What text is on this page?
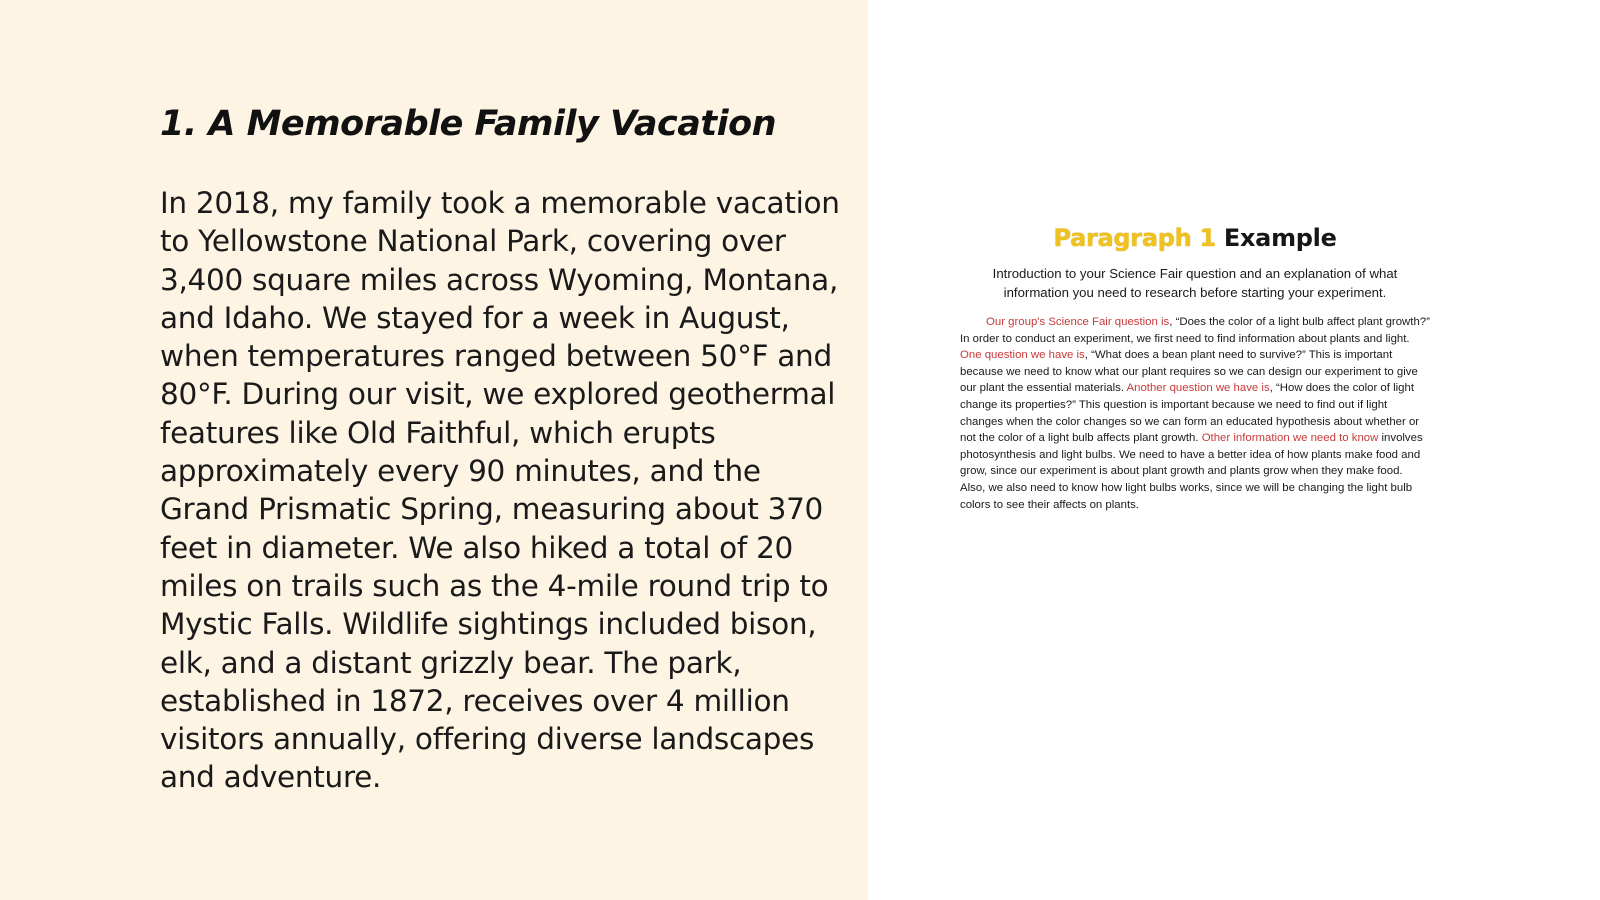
1. A Memorable Family Vacation

In 2018, my family took a memorable vacation to Yellowstone National Park, covering over 3,400 square miles across Wyoming, Montana, and Idaho. We stayed for a week in August, when temperatures ranged between 50°F and 80°F. During our visit, we explored geothermal features like Old Faithful, which erupts approximately every 90 minutes, and the Grand Prismatic Spring, measuring about 370 feet in diameter. We also hiked a total of 20 miles on trails such as the 4-mile round trip to Mystic Falls. Wildlife sightings included bison, elk, and a distant grizzly bear. The park, established in 1872, receives over 4 million visitors annually, offering diverse landscapes and adventure.

Paragraph 1 Example

Introduction to your Science Fair question and an explanation of what information you need to research before starting your experiment.

Our group's Science Fair question is, “Does the color of a light bulb affect plant growth?” In order to conduct an experiment, we first need to find information about plants and light. One question we have is, “What does a bean plant need to survive?” This is important because we need to know what our plant requires so we can design our experiment to give our plant the essential materials. Another question we have is, “How does the color of light change its properties?” This question is important because we need to find out if light changes when the color changes so we can form an educated hypothesis about whether or not the color of a light bulb affects plant growth. Other information we need to know involves photosynthesis and light bulbs. We need to have a better idea of how plants make food and grow, since our experiment is about plant growth and plants grow when they make food. Also, we also need to know how light bulbs works, since we will be changing the light bulb colors to see their affects on plants.
